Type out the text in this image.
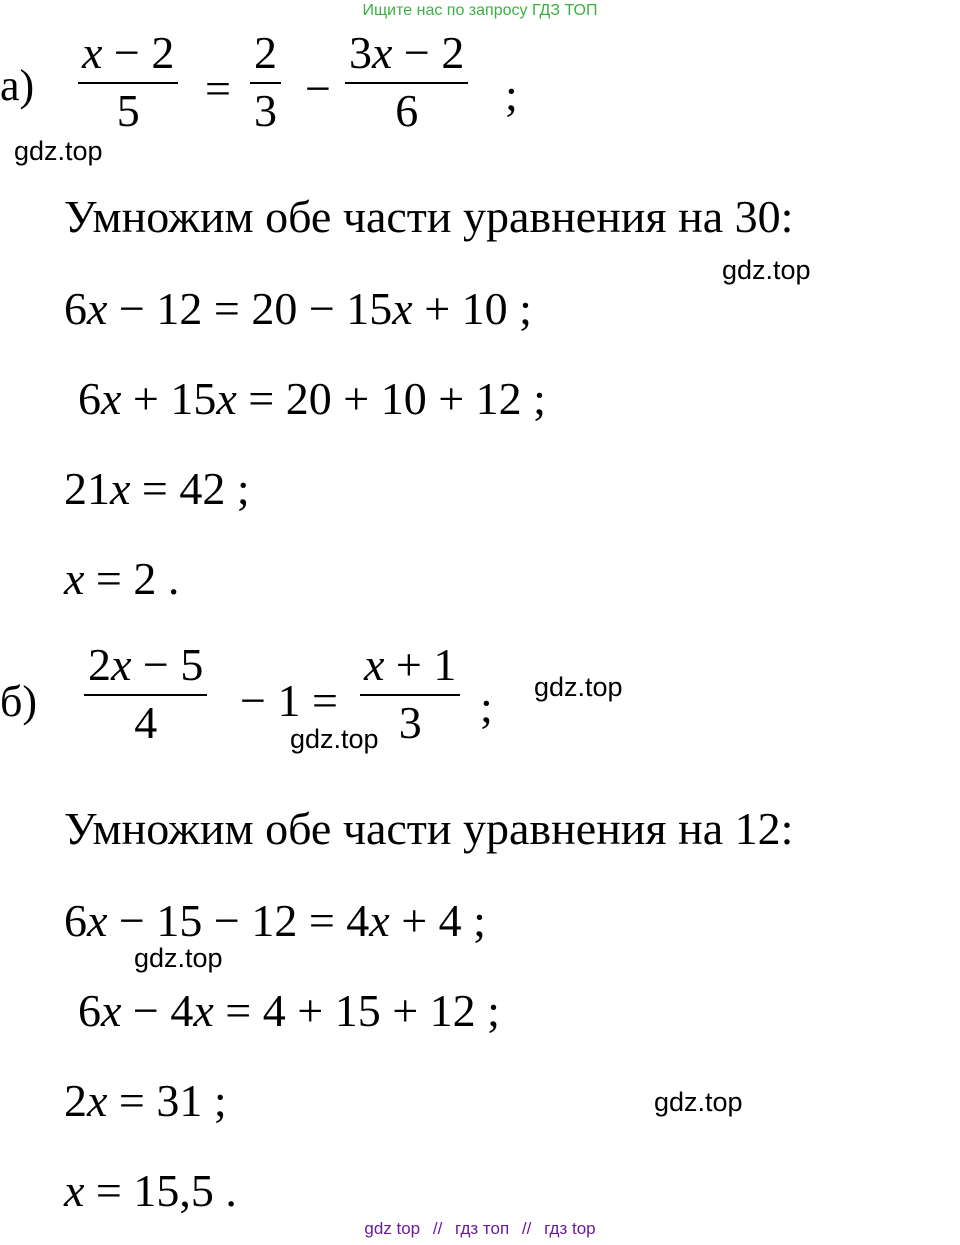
Ищите нас по запросу ГДЗ ТОП
а)
x − 2
5 =
2
3 −
3x − 2
6 ;
gdz.top
Умножим обе части уравнения на 30:
gdz.top
6x − 12 = 20 − 15x + 10 ;
6x + 15x = 20 + 10 + 12 ;
21x = 42 ;
x = 2 .
б)
2x − 5
4 − 1 =
x + 1
3 ; gdz.top
gdz.top
Умножим обе части уравнения на 12:
6x − 15 − 12 = 4x + 4 ;
gdz.top
6x − 4x = 4 + 15 + 12 ;
2x = 31 ;	gdz.top
x = 15,5 .
gdz top // гдз топ // гдз top
